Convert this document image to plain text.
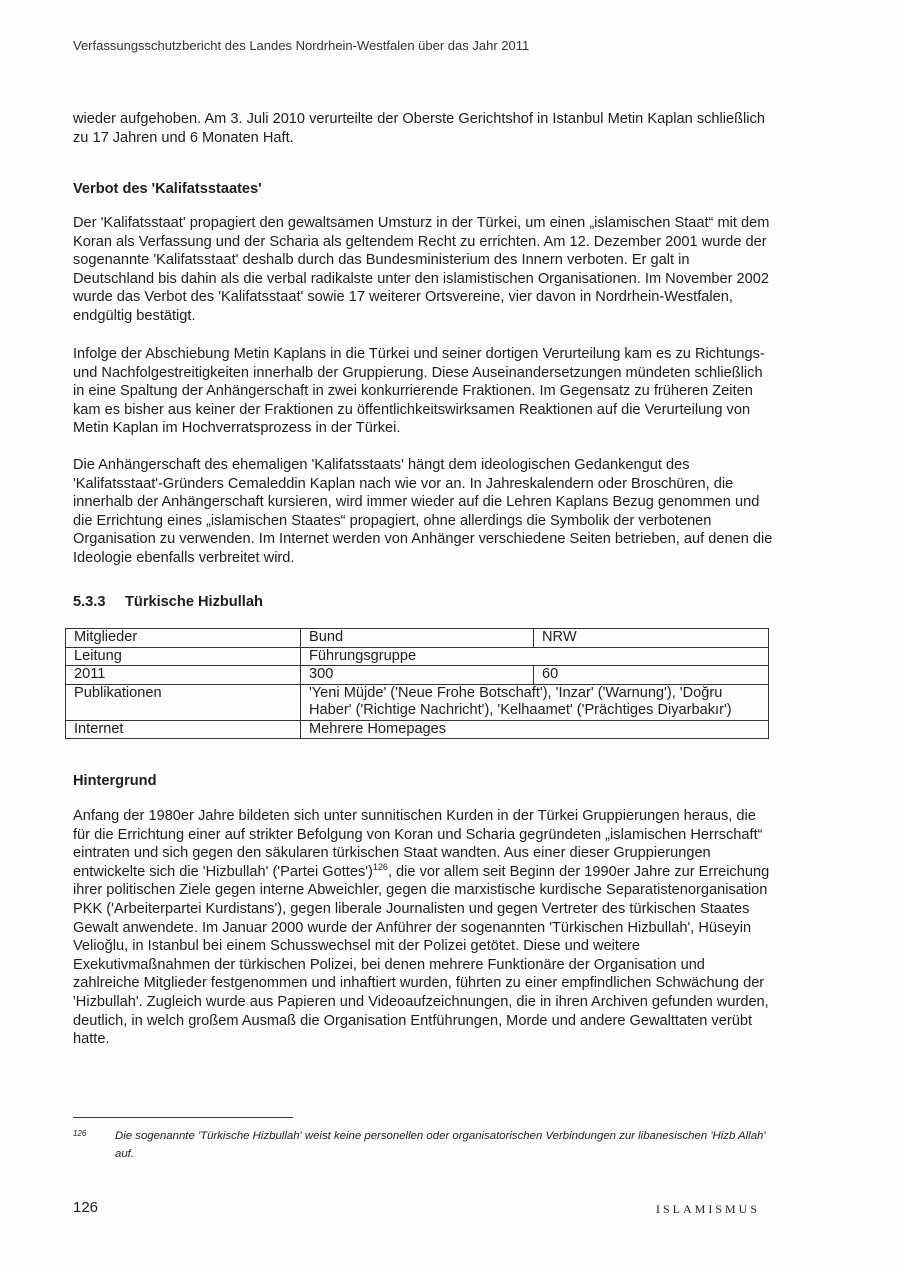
Verfassungsschutzbericht des Landes Nordrhein-Westfalen über das Jahr 2011

wieder aufgehoben. Am 3. Juli 2010 verurteilte der Oberste Gerichtshof in Istanbul Metin Kaplan schließlich zu 17 Jahren und 6 Monaten Haft.

Verbot des 'Kalifatsstaates'

Der 'Kalifatsstaat' propagiert den gewaltsamen Umsturz in der Türkei, um einen „islamischen Staat“ mit dem Koran als Verfassung und der Scharia als geltendem Recht zu errichten. Am 12. Dezember 2001 wurde der sogenannte 'Kalifatsstaat' deshalb durch das Bundesministerium des Innern verboten. Er galt in Deutschland bis dahin als die verbal radikalste unter den islamistischen Organisationen. Im November 2002 wurde das Verbot des 'Kalifatsstaat' sowie 17 weiterer Ortsvereine, vier davon in Nordrhein-Westfalen, endgültig bestätigt.

Infolge der Abschiebung Metin Kaplans in die Türkei und seiner dortigen Verurteilung kam es zu Richtungs- und Nachfolgestreitigkeiten innerhalb der Gruppierung. Diese Auseinandersetzungen mündeten schließlich in eine Spaltung der Anhängerschaft in zwei konkurrierende Fraktionen. Im Gegensatz zu früheren Zeiten kam es bisher aus keiner der Fraktionen zu öffentlichkeitswirksamen Reaktionen auf die Verurteilung von Metin Kaplan im Hochverratsprozess in der Türkei.

Die Anhängerschaft des ehemaligen 'Kalifatsstaats' hängt dem ideologischen Gedankengut des 'Kalifatsstaat'-Gründers Cemaleddin Kaplan nach wie vor an. In Jahreskalendern oder Broschüren, die innerhalb der Anhängerschaft kursieren, wird immer wieder auf die Lehren Kaplans Bezug genommen und die Errichtung eines „islamischen Staates“ propagiert, ohne allerdings die Symbolik der verbotenen Organisation zu verwenden. Im Internet werden von Anhänger verschiedene Seiten betrieben, auf denen die Ideologie ebenfalls verbreitet wird.

5.3.3 Türkische Hizbullah
Mitglieder	Bund	NRW
Leitung	Führungsgruppe	
2011	300	60
Publikationen	'Yeni Müjde' ('Neue Frohe Botschaft'), 'Inzar' ('Warnung'), 'Doğru Haber' ('Richtige Nachricht'), 'Kelhaamet' ('Prächtiges Diyarbakır')	
Internet	Mehrere Homepages	
Hintergrund

Anfang der 1980er Jahre bildeten sich unter sunnitischen Kurden in der Türkei Gruppierungen heraus, die für die Errichtung einer auf strikter Befolgung von Koran und Scharia gegründeten „islamischen Herrschaft“ eintraten und sich gegen den säkularen türkischen Staat wandten. Aus einer dieser Gruppierungen entwickelte sich die 'Hizbullah' ('Partei Gottes')$^{126}$, die vor allem seit Beginn der 1990er Jahre zur Erreichung ihrer politischen Ziele gegen interne Abweichler, gegen die marxistische kurdische Separatistenorganisation PKK ('Arbeiterpartei Kurdistans'), gegen liberale Journalisten und gegen Vertreter des türkischen Staates Gewalt anwendete. Im Januar 2000 wurde der Anführer der sogenannten 'Türkischen Hizbullah', Hüseyin Velioğlu, in Istanbul bei einem Schusswechsel mit der Polizei getötet. Diese und weitere Exekutivmaßnahmen der türkischen Polizei, bei denen mehrere Funktionäre der Organisation und zahlreiche Mitglieder festgenommen und inhaftiert wurden, führten zu einer empfindlichen Schwächung der 'Hizbullah'. Zugleich wurde aus Papieren und Videoaufzeichnungen, die in ihren Archiven gefunden wurden, deutlich, in welch großem Ausmaß die Organisation Entführungen, Morde und andere Gewalttaten verübt hatte.

126	Die sogenannte 'Türkische Hizbullah' weist keine personellen oder organisatorischen Verbindungen zur libanesischen 'Hizb Allah' auf.
126	ISLAMISMUS
